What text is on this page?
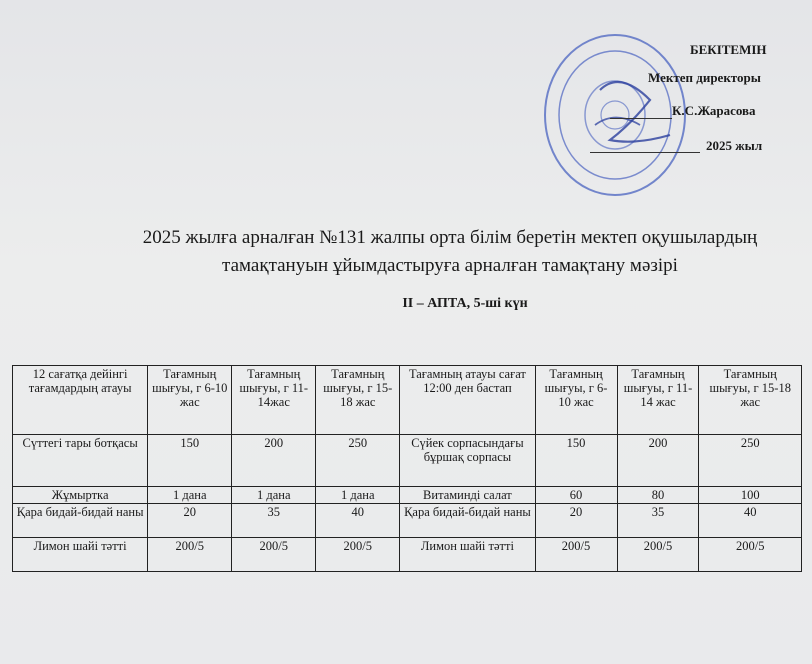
БЕКІТЕМІН
Мектеп директоры
К.С.Жарасова
2025 жыл
2025 жылға арналған №131 жалпы орта білім беретін мектеп оқушылардың
тамақтануын ұйымдастыруға арналған тамақтану мәзірі
ІІ – АПТА, 5-ші күн
12 сағатқа дейінгі тағамдардың атауы	Тағамның шығуы, г 6-10 жас	Тағамның шығуы, г 11-14жас	Тағамның шығуы, г 15-18 жас	Тағамның атауы сағат 12:00 ден бастап	Тағамның шығуы, г 6-10 жас	Тағамның шығуы, г 11-14 жас	Тағамның шығуы, г 15-18 жас
Сүттегі тары ботқасы	150	200	250	Сүйек сорпасындағы бұршақ сорпасы	150	200	250
Жұмыртка	1 дана	1 дана	1 дана	Витаминді салат	60	80	100
Қара бидай-бидай наны	20	35	40	Қара бидай-бидай наны	20	35	40
Лимон шайі тәтті	200/5	200/5	200/5	Лимон шайі тәтті	200/5	200/5	200/5
